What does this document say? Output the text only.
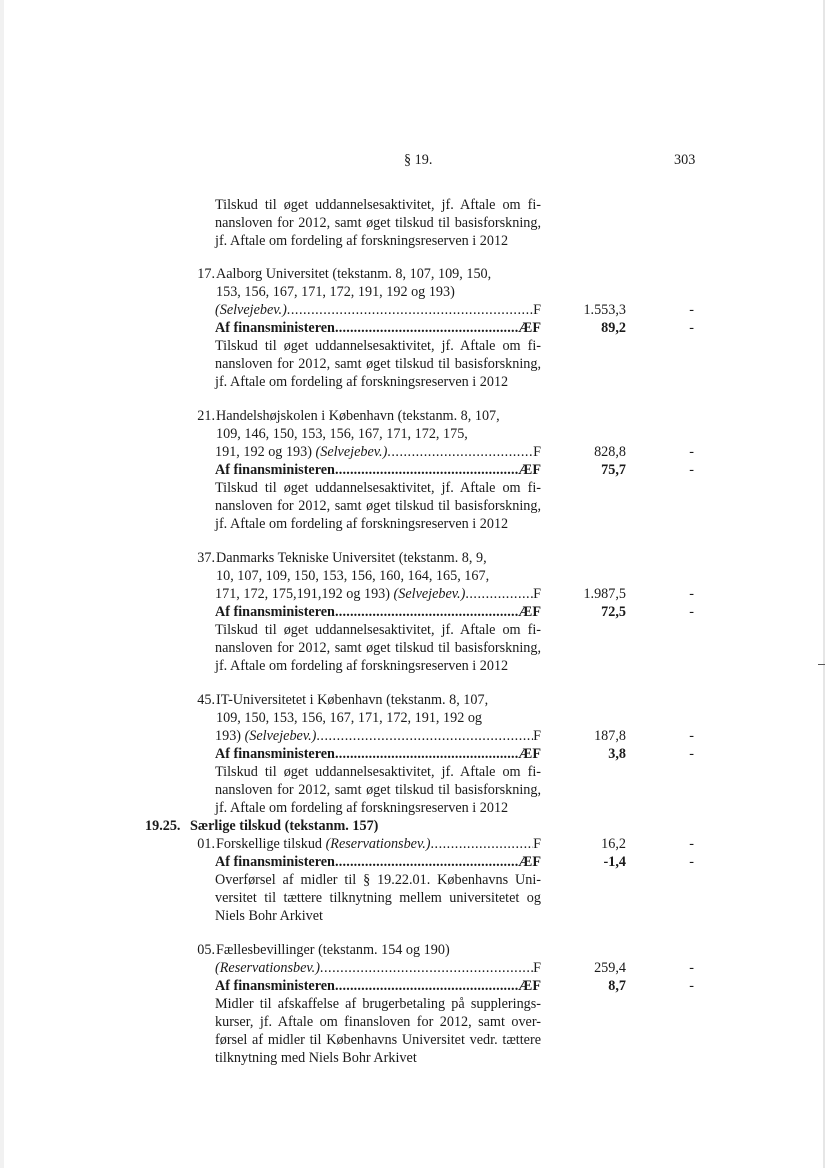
§ 19.	303
Tilskud til øget uddannelsesaktivitet, jf. Aftale om fi-
nansloven for 2012, samt øget tilskud til basisforskning,
jf. Aftale om fordeling af forskningsreserven i 2012
17. Aalborg Universitet (tekstanm. 8, 107, 109, 150,
153, 156, 167, 171, 172, 191, 192 og 193)
(Selvejebev.) .....	F	1.553,3	-
Af finansministeren .....	ÆF	89,2	-
Tilskud til øget uddannelsesaktivitet, jf. Aftale om fi-
nansloven for 2012, samt øget tilskud til basisforskning,
jf. Aftale om fordeling af forskningsreserven i 2012
21. Handelshøjskolen i København (tekstanm. 8, 107,
109, 146, 150, 153, 156, 167, 171, 172, 175,
191, 192 og 193) (Selvejebev.) .....	F	828,8	-
Af finansministeren .....	ÆF	75,7	-
Tilskud til øget uddannelsesaktivitet, jf. Aftale om fi-
nansloven for 2012, samt øget tilskud til basisforskning,
jf. Aftale om fordeling af forskningsreserven i 2012
37. Danmarks Tekniske Universitet (tekstanm. 8, 9,
10, 107, 109, 150, 153, 156, 160, 164, 165, 167,
171, 172, 175,191,192 og 193) (Selvejebev.) .....	F	1.987,5	-
Af finansministeren .....	ÆF	72,5	-
Tilskud til øget uddannelsesaktivitet, jf. Aftale om fi-
nansloven for 2012, samt øget tilskud til basisforskning,
jf. Aftale om fordeling af forskningsreserven i 2012
45. IT-Universitetet i København (tekstanm. 8, 107,
109, 150, 153, 156, 167, 171, 172, 191, 192 og
193) (Selvejebev.) .....	F	187,8	-
Af finansministeren .....	ÆF	3,8	-
Tilskud til øget uddannelsesaktivitet, jf. Aftale om fi-
nansloven for 2012, samt øget tilskud til basisforskning,
jf. Aftale om fordeling af forskningsreserven i 2012
19.25. Særlige tilskud (tekstanm. 157)
01. Forskellige tilskud (Reservationsbev.) .....	F	16,2	-
Af finansministeren .....	ÆF	-1,4	-
Overførsel af midler til § 19.22.01. Københavns Uni-
versitet til tættere tilknytning mellem universitetet og
Niels Bohr Arkivet
05. Fællesbevillinger (tekstanm. 154 og 190)
(Reservationsbev.) .....	F	259,4	-
Af finansministeren .....	ÆF	8,7	-
Midler til afskaffelse af brugerbetaling på supplerings-
kurser, jf. Aftale om finansloven for 2012, samt over-
førsel af midler til Københavns Universitet vedr. tættere
tilknytning med Niels Bohr Arkivet
